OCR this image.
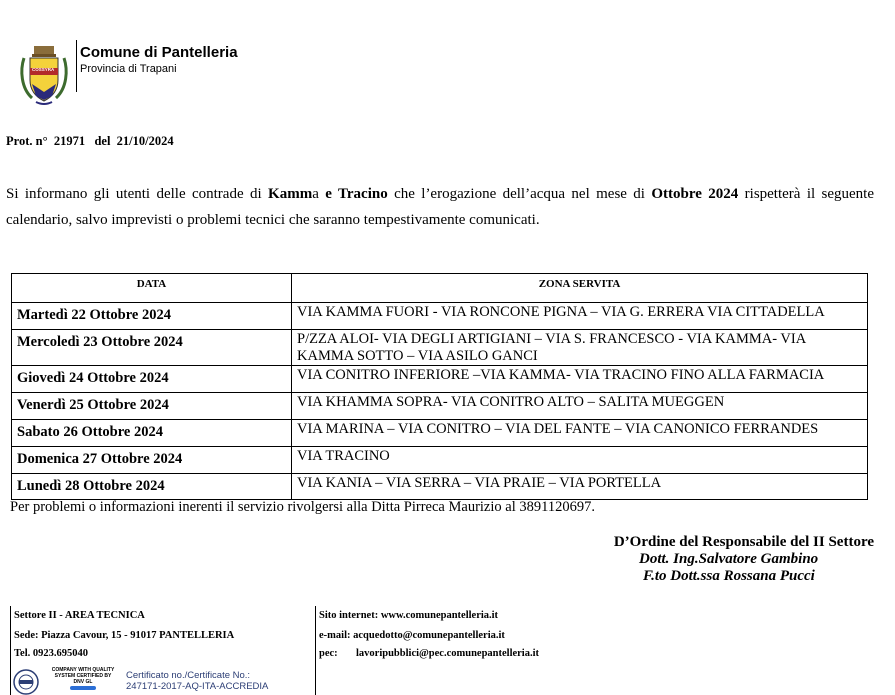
COSSYRA
Comune di Pantelleria
Provincia di Trapani
Prot. n°  21971   del  21/10/2024
Si informano gli utenti delle contrade di Kamma e Tracino che l’erogazione dell’acqua nel mese di Ottobre 2024 rispetterà il seguente calendario, salvo imprevisti o problemi tecnici che saranno tempestivamente comunicati.
DATA	ZONA SERVITA
Martedì 22 Ottobre 2024	VIA KAMMA FUORI - VIA RONCONE PIGNA – VIA G. ERRERA VIA CITTADELLA
Mercoledì 23 Ottobre 2024	P/ZZA ALOI- VIA DEGLI ARTIGIANI – VIA S. FRANCESCO - VIA KAMMA- VIA KAMMA SOTTO – VIA ASILO GANCI
Giovedì 24 Ottobre 2024	VIA CONITRO INFERIORE –VIA KAMMA- VIA TRACINO FINO ALLA FARMACIA
Venerdì 25 Ottobre 2024	VIA KHAMMA SOPRA- VIA CONITRO ALTO – SALITA MUEGGEN
Sabato 26 Ottobre 2024	VIA MARINA – VIA CONITRO – VIA DEL FANTE – VIA CANONICO FERRANDES
Domenica 27 Ottobre 2024	VIA TRACINO
Lunedì 28 Ottobre 2024	VIA KANIA – VIA SERRA – VIA PRAIE – VIA PORTELLA
Per problemi o informazioni inerenti il servizio rivolgersi alla Ditta Pirreca Maurizio al 3891120697.
D’Ordine del Responsabile del II Settore
Dott. Ing.Salvatore Gambino
F.to Dott.ssa Rossana Pucci
Settore II - AREA TECNICA
Sede: Piazza Cavour, 15 - 91017 PANTELLERIA
Tel. 0923.695040
Sito internet: www.comunepantelleria.it
e-mail: acquedotto@comunepantelleria.it
pec: lavoripubblici@pec.comunepantelleria.it
COMPANY WITH QUALITY SYSTEM CERTIFIED BY DNV GL
Certificato no./Certificate No.:
247171-2017-AQ-ITA-ACCREDIA
